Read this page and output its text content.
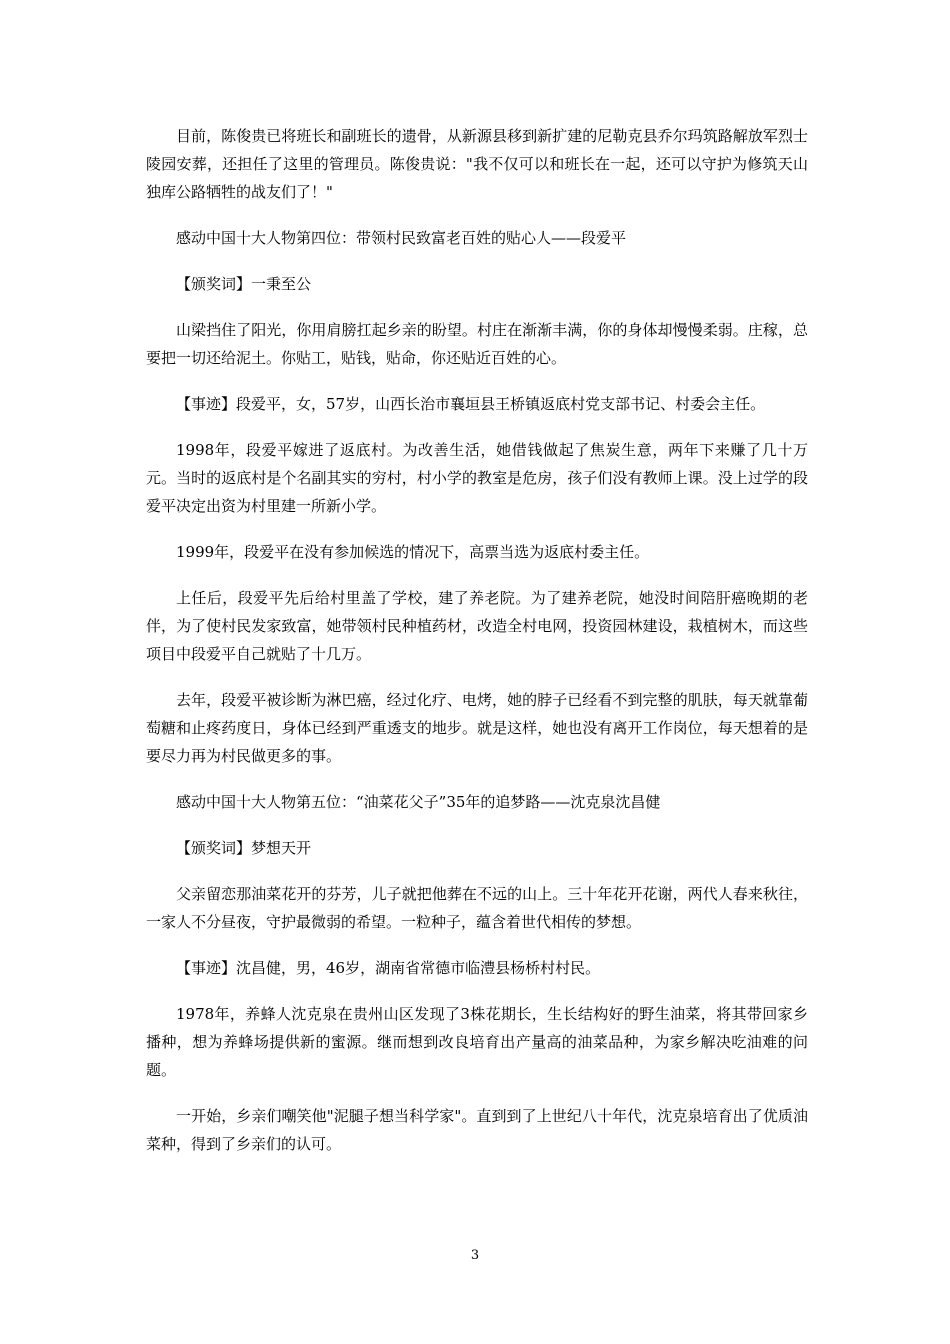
目前，陈俊贵已将班长和副班长的遗骨，从新源县移到新扩建的尼勒克县乔尔玛筑路解放军烈士陵园安葬，还担任了这里的管理员。陈俊贵说："我不仅可以和班长在一起，还可以守护为修筑天山独库公路牺牲的战友们了！"

感动中国十大人物第四位：带领村民致富老百姓的贴心人——段爱平

【颁奖词】一秉至公

山梁挡住了阳光，你用肩膀扛起乡亲的盼望。村庄在渐渐丰满，你的身体却慢慢柔弱。庄稼，总要把一切还给泥土。你贴工，贴钱，贴命，你还贴近百姓的心。

【事迹】段爱平，女，57岁，山西长治市襄垣县王桥镇返底村党支部书记、村委会主任。

1998年，段爱平嫁进了返底村。为改善生活，她借钱做起了焦炭生意，两年下来赚了几十万元。当时的返底村是个名副其实的穷村，村小学的教室是危房，孩子们没有教师上课。没上过学的段爱平决定出资为村里建一所新小学。

1999年，段爱平在没有参加候选的情况下，高票当选为返底村委主任。

上任后，段爱平先后给村里盖了学校，建了养老院。为了建养老院，她没时间陪肝癌晚期的老伴，为了使村民发家致富，她带领村民种植药材，改造全村电网，投资园林建设，栽植树木，而这些项目中段爱平自己就贴了十几万。

去年，段爱平被诊断为淋巴癌，经过化疗、电烤，她的脖子已经看不到完整的肌肤，每天就靠葡萄糖和止疼药度日，身体已经到严重透支的地步。就是这样，她也没有离开工作岗位，每天想着的是要尽力再为村民做更多的事。

感动中国十大人物第五位：“油菜花父子”35年的追梦路——沈克泉沈昌健

【颁奖词】梦想天开

父亲留恋那油菜花开的芬芳，儿子就把他葬在不远的山上。三十年花开花谢，两代人春来秋往，一家人不分昼夜，守护最微弱的希望。一粒种子，蕴含着世代相传的梦想。

【事迹】沈昌健，男，46岁，湖南省常德市临澧县杨桥村村民。

1978年，养蜂人沈克泉在贵州山区发现了3株花期长，生长结构好的野生油菜，将其带回家乡播种，想为养蜂场提供新的蜜源。继而想到改良培育出产量高的油菜品种，为家乡解决吃油难的问题。

一开始，乡亲们嘲笑他"泥腿子想当科学家"。直到到了上世纪八十年代，沈克泉培育出了优质油菜种，得到了乡亲们的认可。

3
